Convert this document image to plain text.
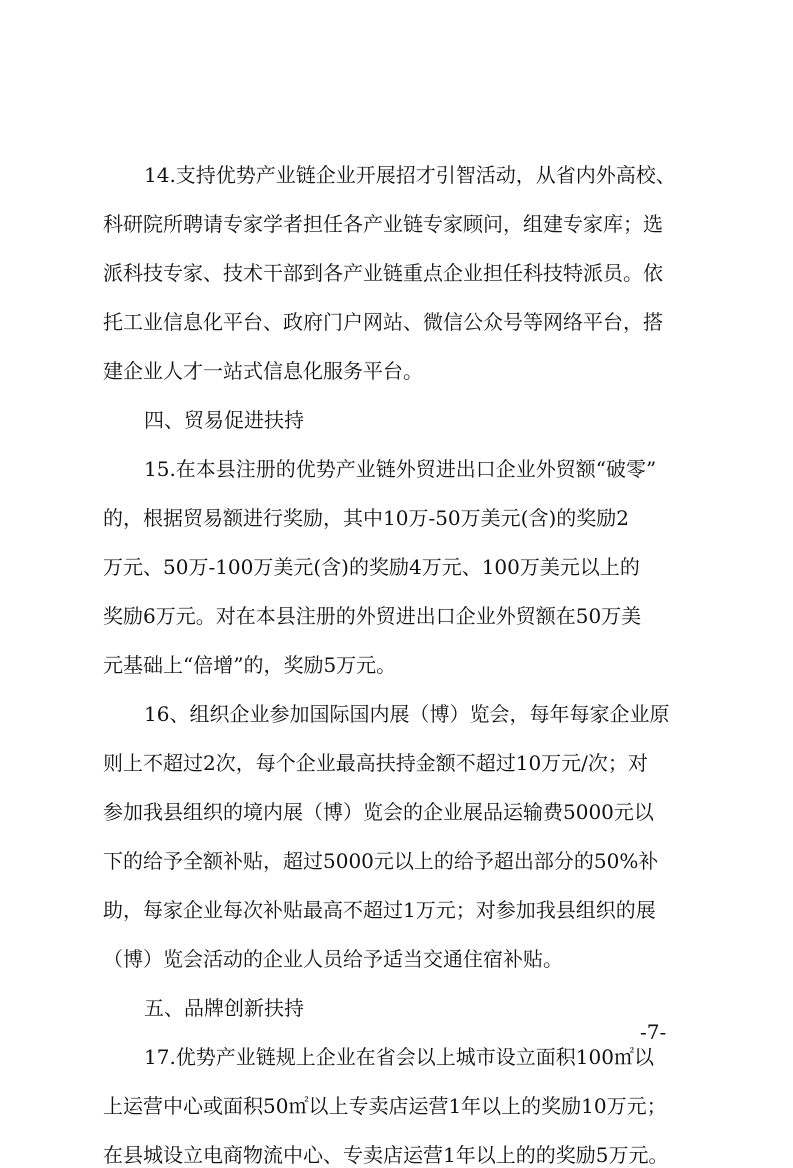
14.支持优势产业链企业开展招才引智活动，从省内外高校、
科研院所聘请专家学者担任各产业链专家顾问，组建专家库；选
派科技专家、技术干部到各产业链重点企业担任科技特派员。依
托工业信息化平台、政府门户网站、微信公众号等网络平台，搭
建企业人才一站式信息化服务平台。
四、贸易促进扶持
15.在本县注册的优势产业链外贸进出口企业外贸额“破零”
的，根据贸易额进行奖励，其中10万-50万美元(含)的奖励2
万元、50万-100万美元(含)的奖励4万元、100万美元以上的
奖励6万元。对在本县注册的外贸进出口企业外贸额在50万美
元基础上“倍增”的，奖励5万元。
16、组织企业参加国际国内展（博）览会，每年每家企业原
则上不超过2次，每个企业最高扶持金额不超过10万元/次；对
参加我县组织的境内展（博）览会的企业展品运输费5000元以
下的给予全额补贴，超过5000元以上的给予超出部分的50%补
助，每家企业每次补贴最高不超过1万元；对参加我县组织的展
（博）览会活动的企业人员给予适当交通住宿补贴。
五、品牌创新扶持
17.优势产业链规上企业在省会以上城市设立面积100㎡以
上运营中心或面积50㎡以上专卖店运营1年以上的奖励10万元；
在县城设立电商物流中心、专卖店运营1年以上的的奖励5万元。
-7-
